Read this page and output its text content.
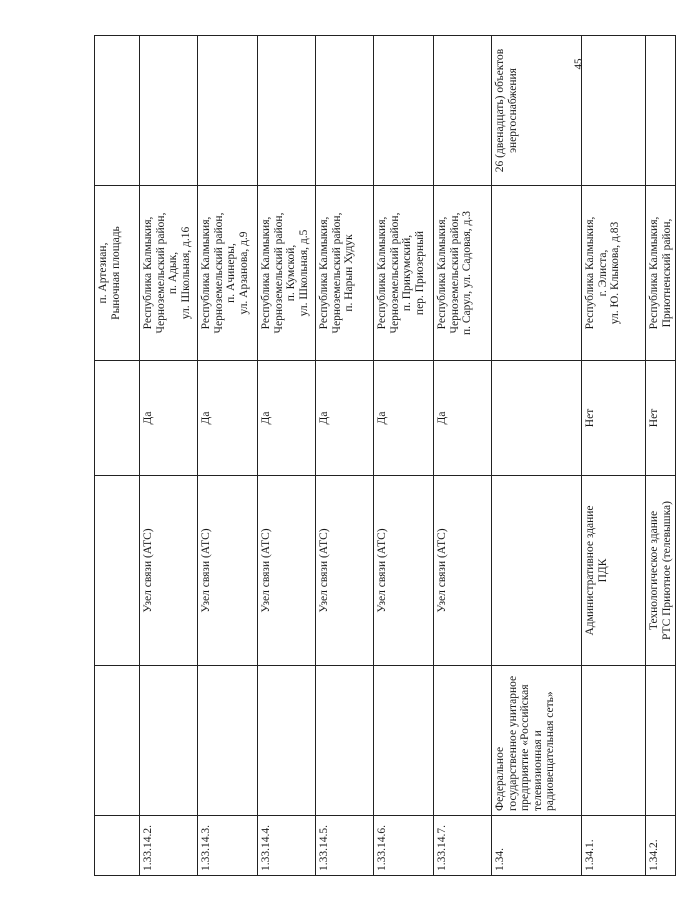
				п. Артезиан,
Рыночная площадь	
1.33.14.2.		Узел связи (АТС)	Да	Республика Калмыкия,
Черноземельский район,
п. Адык,
ул. Школьная, д.16	
1.33.14.3.		Узел связи (АТС)	Да	Республика Калмыкия,
Черноземельский район,
п. Ачинеры,
ул. Арзанова, д.9	
1.33.14.4.		Узел связи (АТС)	Да	Республика Калмыкия,
Черноземельский район,
п. Кумской,
ул. Школьная, д.5	
1.33.14.5.		Узел связи (АТС)	Да	Республика Калмыкия,
Черноземельский район,
п. Нарын Худук	
1.33.14.6.		Узел связи (АТС)	Да	Республика Калмыкия,
Черноземельский район,
п. Прикумский,
пер. Приозерный	
1.33.14.7.		Узел связи (АТС)	Да	Республика Калмыкия,
Черноземельский район,
п. Сарул, ул. Садовая, д.3	
1.34.	Федеральное государственное унитарное предприятие «Российская телевизионная и радиовещательная сеть»				26 (двенадцать) объектов энергоснабжения
1.34.1.		Административное здание
ПДК	Нет	Республика Калмыкия,
г. Элиста,
ул. Ю. Клыкова, д.83	
1.34.2.		Технологическое здание
РТС Приютное (телевышка)	Нет	Республика Калмыкия,
Приютненский район,	
45
